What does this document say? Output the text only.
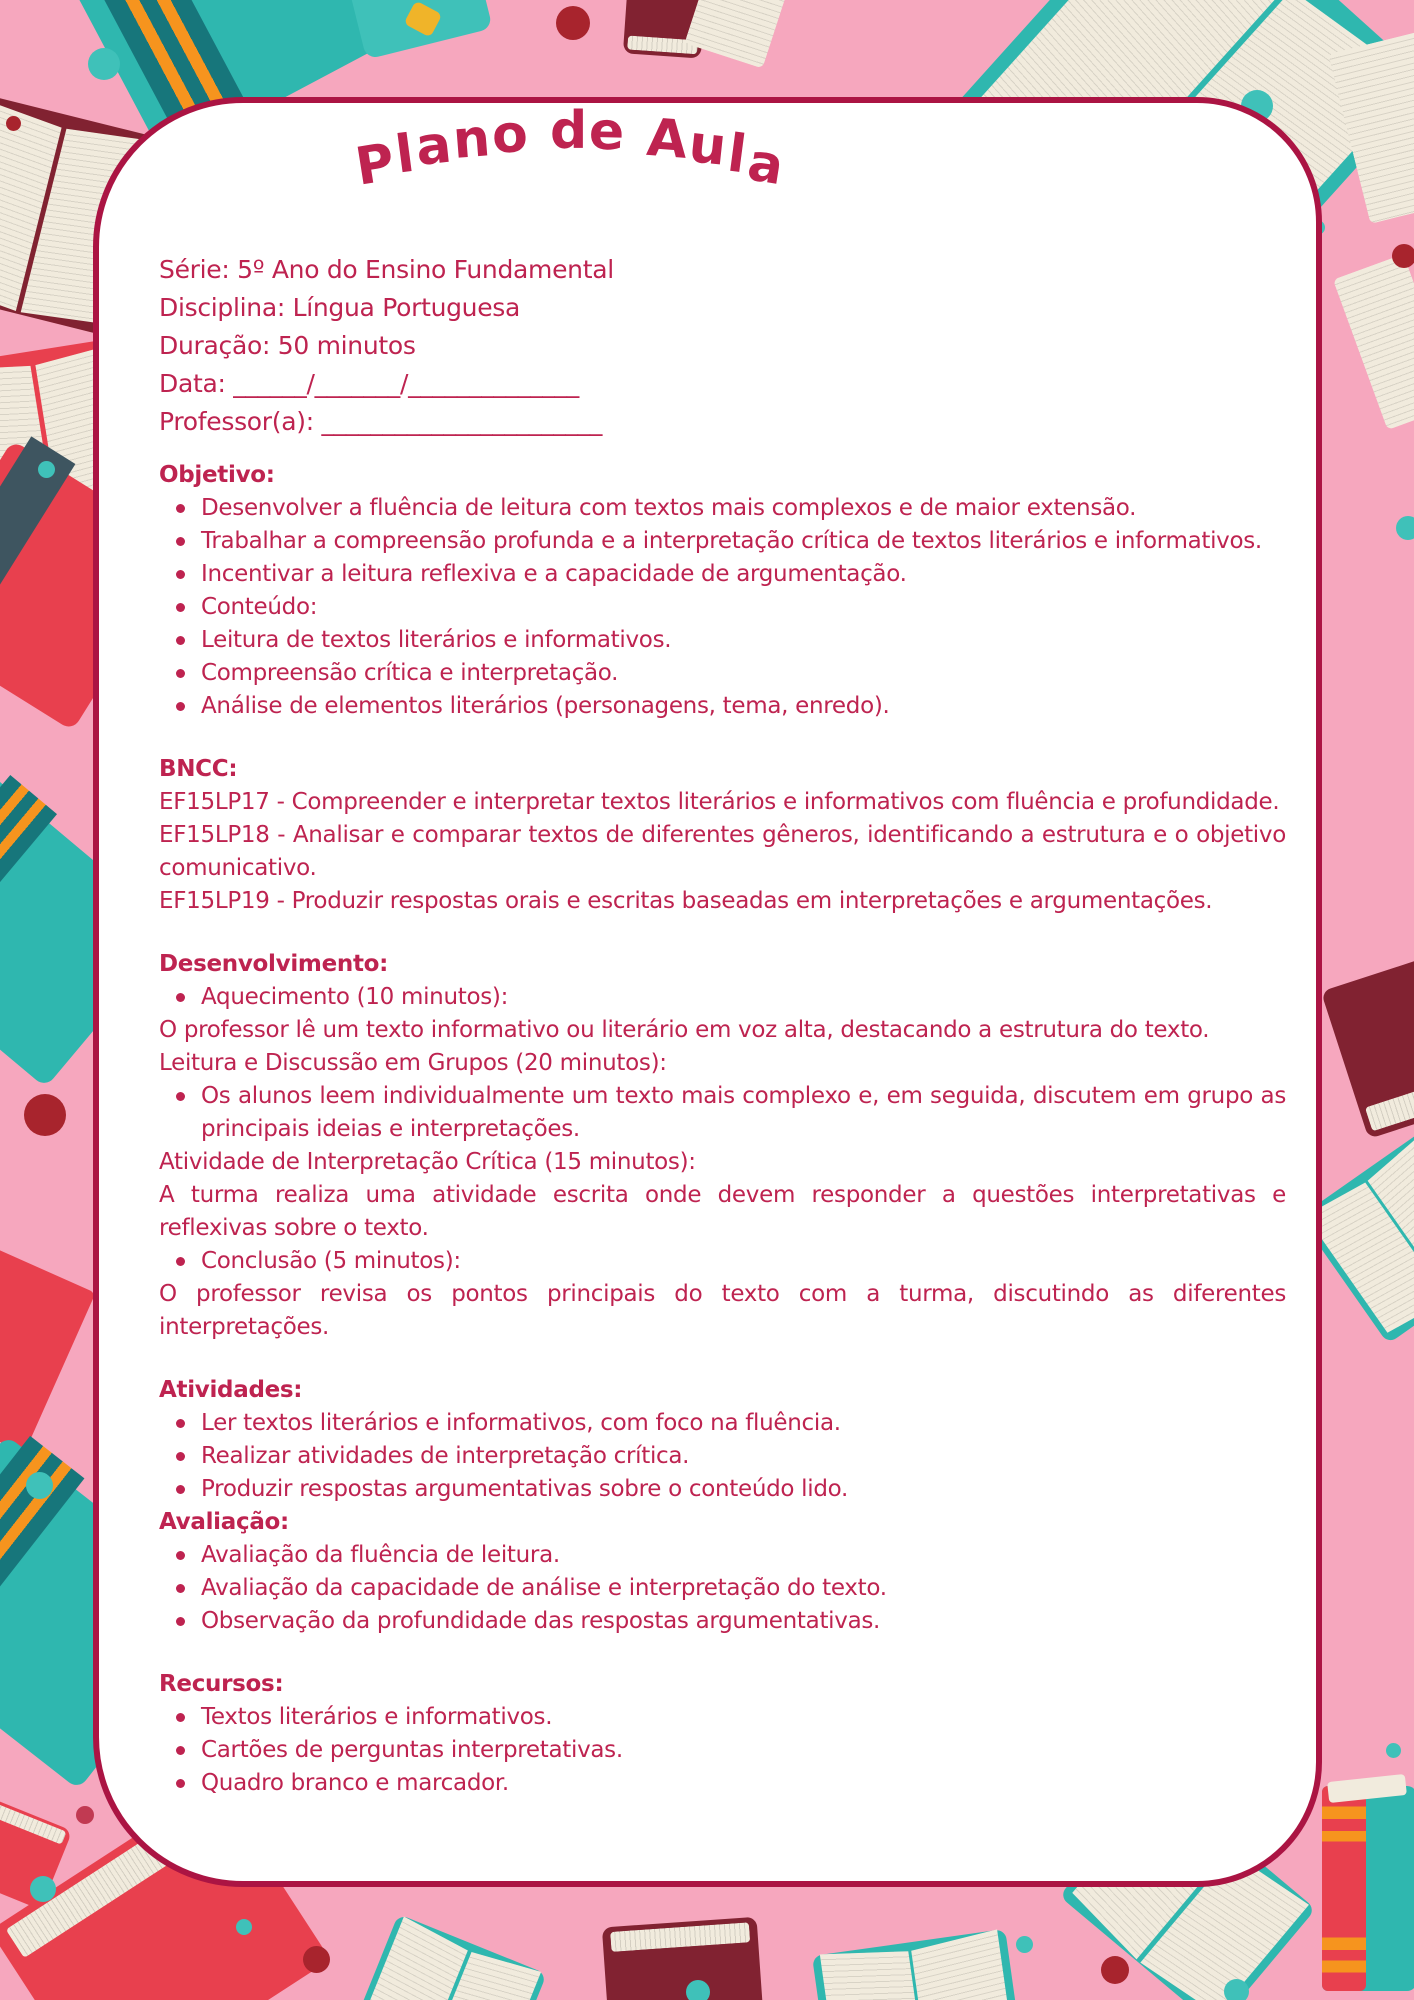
Plano de Aula
Série: 5º Ano do Ensino Fundamental
Disciplina: Língua Portuguesa
Duração: 50 minutos
Data: ______/_______/______________
Professor(a): _______________________
Objetivo:
Desenvolver a fluência de leitura com textos mais complexos e de maior extensão.
Trabalhar a compreensão profunda e a interpretação crítica de textos literários e informativos.
Incentivar a leitura reflexiva e a capacidade de argumentação.
Conteúdo:
Leitura de textos literários e informativos.
Compreensão crítica e interpretação.
Análise de elementos literários (personagens, tema, enredo).
BNCC:
EF15LP17 - Compreender e interpretar textos literários e informativos com fluência e profundidade.
EF15LP18 - Analisar e comparar textos de diferentes gêneros, identificando a estrutura e o objetivo comunicativo.
EF15LP19 - Produzir respostas orais e escritas baseadas em interpretações e argumentações.
Desenvolvimento:
Aquecimento (10 minutos):
O professor lê um texto informativo ou literário em voz alta, destacando a estrutura do texto.
Leitura e Discussão em Grupos (20 minutos):
Os alunos leem individualmente um texto mais complexo e, em seguida, discutem em grupo as principais ideias e interpretações.
Atividade de Interpretação Crítica (15 minutos):
A turma realiza uma atividade escrita onde devem responder a questões interpretativas e reflexivas sobre o texto.
Conclusão (5 minutos):
O professor revisa os pontos principais do texto com a turma, discutindo as diferentes interpretações.
Atividades:
Ler textos literários e informativos, com foco na fluência.
Realizar atividades de interpretação crítica.
Produzir respostas argumentativas sobre o conteúdo lido.
Avaliação:
Avaliação da fluência de leitura.
Avaliação da capacidade de análise e interpretação do texto.
Observação da profundidade das respostas argumentativas.
Recursos:
Textos literários e informativos.
Cartões de perguntas interpretativas.
Quadro branco e marcador.
